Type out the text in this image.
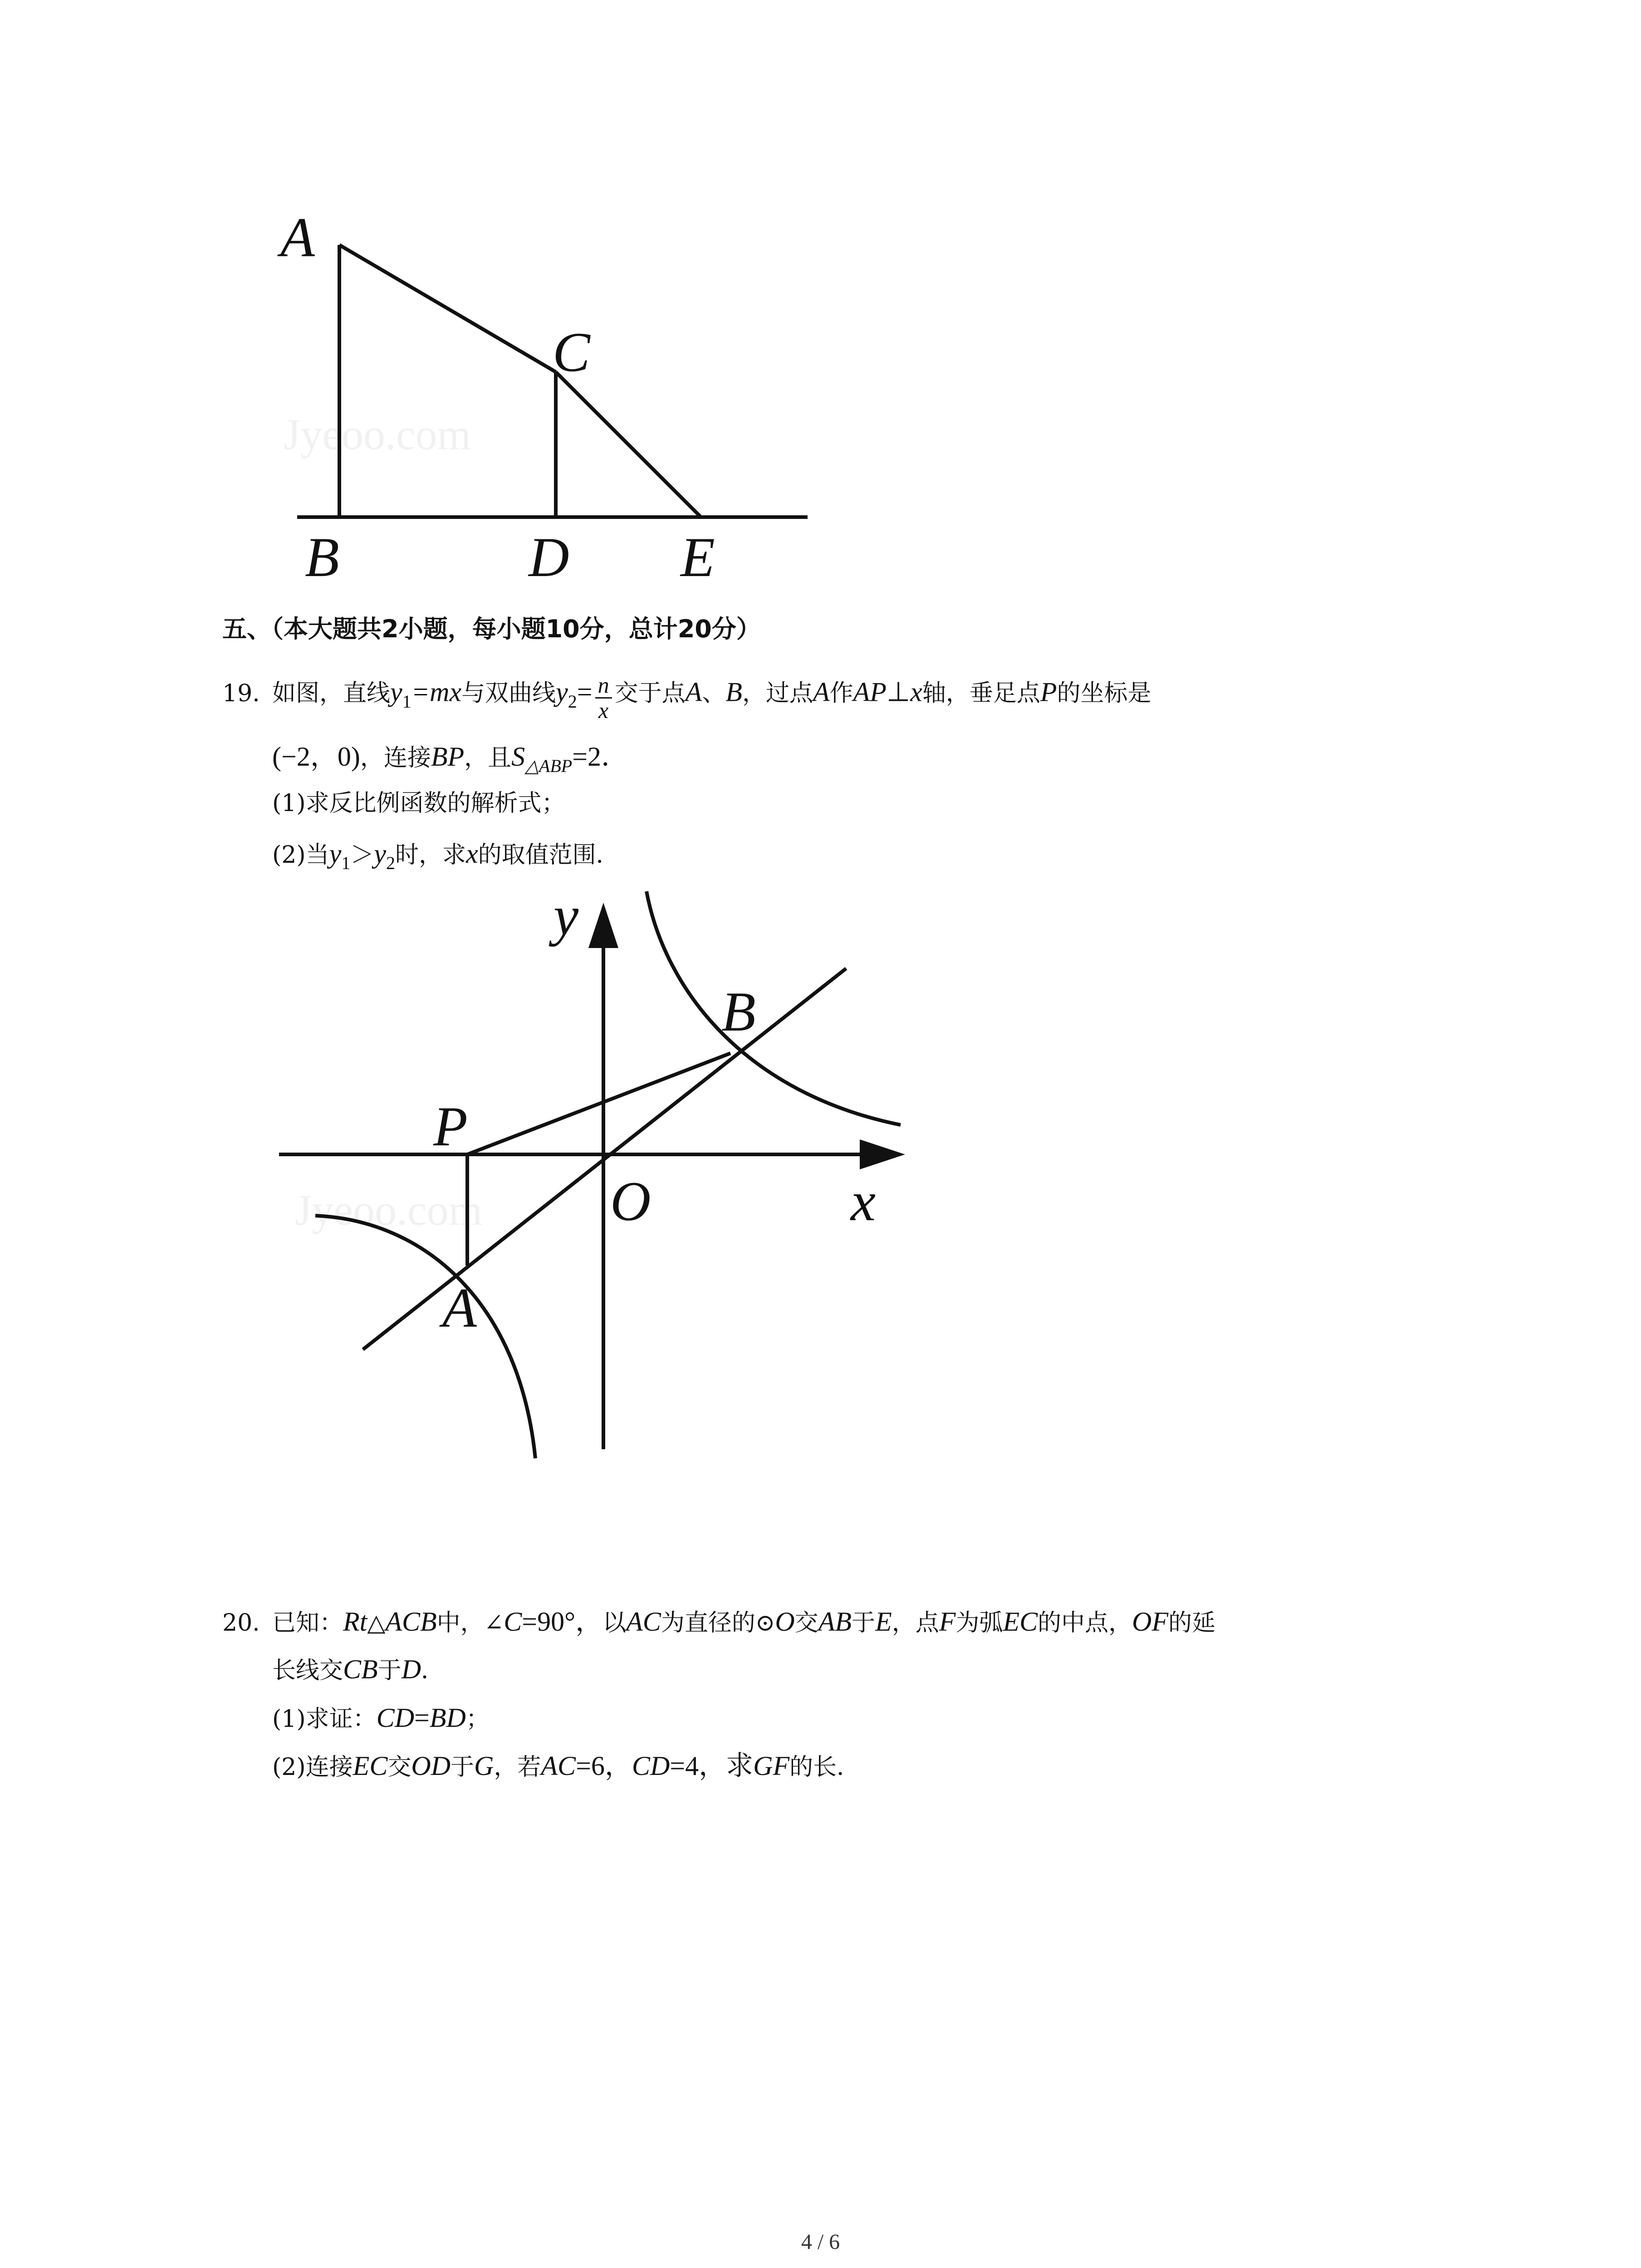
Jyeoo.com
A
C
B	D E
五、（本大题共2小题，每小题10分，总计20分）
19. 如图，直线$y_1=mx$与双曲线$y_2= \frac{n}{x}$ 交于点A、B，过点A作AP⊥x轴，垂足点P的坐标是
(−2，0)，连接BP，且$S_{\triangle ABP}=2$．
(1)求反比例函数的解析式；
(2)当$y_1>y_2$时，求x的取值范围．
Jyeoo.com
y
x
O
P
A
B
20. 已知：Rt△ACB中，∠C=90°，以AC为直径的⊙O交AB于E，点F为弧EC的中点，OF的延
长线交CB于D．
(1)求证：CD=BD；
(2)连接EC交OD于G，若AC=6，CD=4，求GF的长．
4 / 6
